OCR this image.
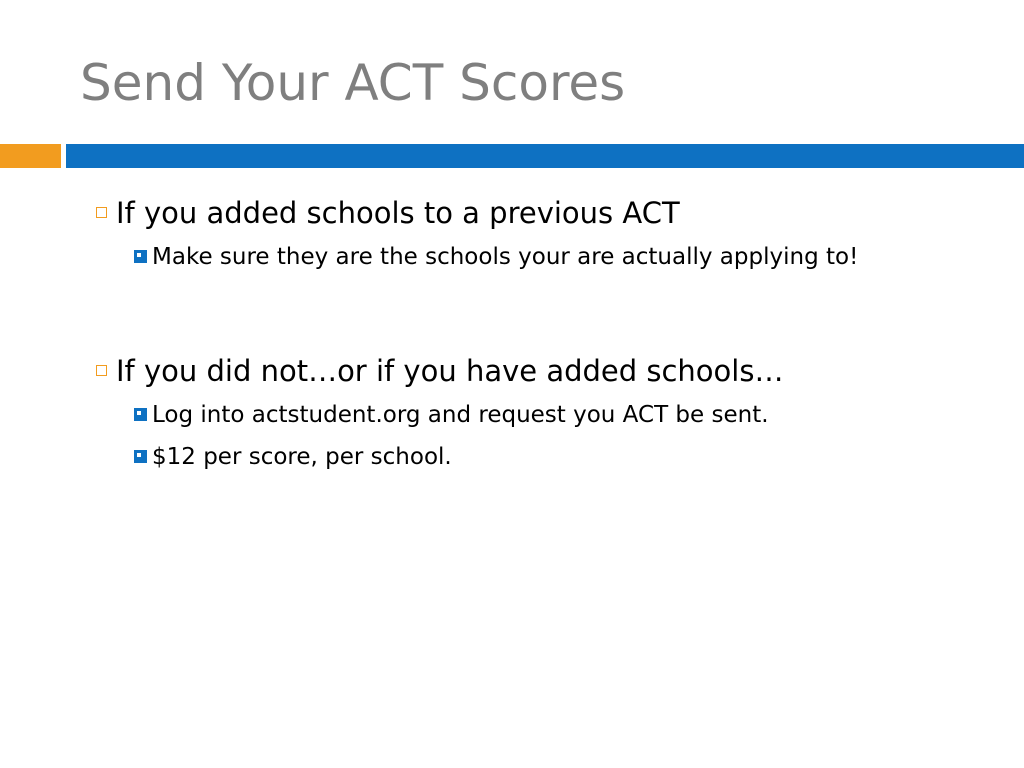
Send Your ACT Scores
If you added schools to a previous ACT
Make sure they are the schools your are actually applying to!
If you did not…or if you have added schools…
Log into actstudent.org and request you ACT be sent.
$12 per score, per school.
